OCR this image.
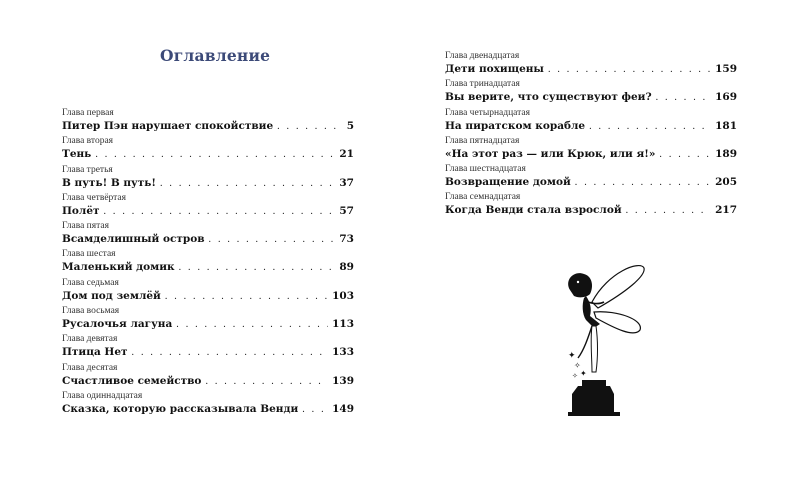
Оглавление
Глава первая
Питер Пэн нарушает спокойствие . . .	5
Глава вторая
Тень . . .	21
Глава третья
В путь! В путь! . . .	37
Глава четвёртая
Полёт . . .	57
Глава пятая
Всамделишный остров . . .	73
Глава шестая
Маленький домик . . .	89
Глава седьмая
Дом под землёй . . .	103
Глава восьмая
Русалочья лагуна . . .	113
Глава девятая
Птица Нет . . .	133
Глава десятая
Счастливое семейство . . .	139
Глава одиннадцатая
Сказка, которую рассказывала Венди . . .	149
Глава двенадцатая
Дети похищены . . .	159
Глава тринадцатая
Вы верите, что существуют феи? . . .	169
Глава четырнадцатая
На пиратском корабле . . .	181
Глава пятнадцатая
«На этот раз — или Крюк, или я!» . . .	189
Глава шестнадцатая
Возвращение домой . . .	205
Глава семнадцатая
Когда Венди стала взрослой . . .	217
✦
✧
✦
✧
